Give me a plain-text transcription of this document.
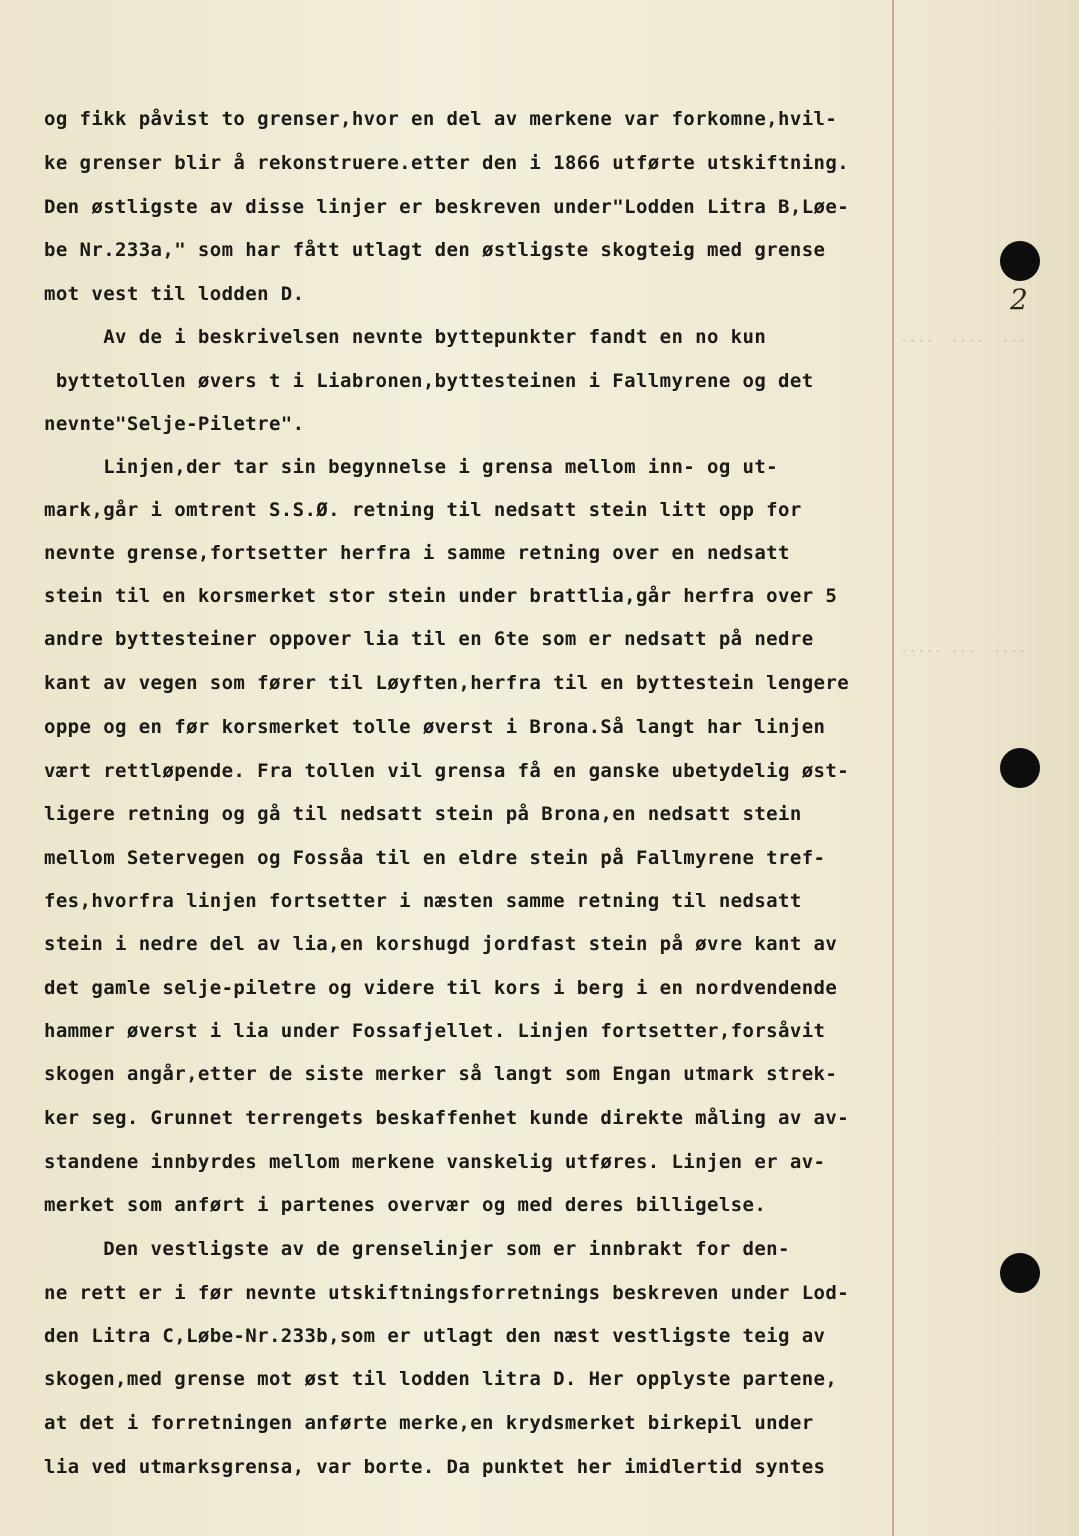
2
....  ....  ...
..... ...  ....
og fikk påvist to grenser,hvor en del av merkene var forkomne,hvil-
ke grenser blir å rekonstruere.etter den i 1866 utførte utskiftning.
Den østligste av disse linjer er beskreven under"Lodden Litra B,Løe-
be Nr.233a," som har fått utlagt den østligste skogteig med grense
mot vest til lodden D.
Av de i beskrivelsen nevnte byttepunkter fandt en no kun
byttetollen øvers t i Liabronen,byttesteinen i Fallmyrene og det
nevnte"Selje-Piletre".
Linjen,der tar sin begynnelse i grensa mellom inn- og ut-
mark,går i omtrent S.S.Ø. retning til nedsatt stein litt opp for
nevnte grense,fortsetter herfra i samme retning over en nedsatt
stein til en korsmerket stor stein under brattlia,går herfra over 5
andre byttesteiner oppover lia til en 6te som er nedsatt på nedre
kant av vegen som fører til Løyften,herfra til en byttestein lengere
oppe og en før korsmerket tolle øverst i Brona.Så langt har linjen
vært rettløpende. Fra tollen vil grensa få en ganske ubetydelig øst-
ligere retning og gå til nedsatt stein på Brona,en nedsatt stein
mellom Setervegen og Fossåa til en eldre stein på Fallmyrene tref-
fes,hvorfra linjen fortsetter i næsten samme retning til nedsatt
stein i nedre del av lia,en korshugd jordfast stein på øvre kant av
det gamle selje-piletre og videre til kors i berg i en nordvendende
hammer øverst i lia under Fossafjellet. Linjen fortsetter,forsåvit
skogen angår,etter de siste merker så langt som Engan utmark strek-
ker seg. Grunnet terrengets beskaffenhet kunde direkte måling av av-
standene innbyrdes mellom merkene vanskelig utføres. Linjen er av-
merket som anført i partenes overvær og med deres billigelse.
Den vestligste av de grenselinjer som er innbrakt for den-
ne rett er i før nevnte utskiftningsforretnings beskreven under Lod-
den Litra C,Løbe-Nr.233b,som er utlagt den næst vestligste teig av
skogen,med grense mot øst til lodden litra D. Her opplyste partene,
at det i forretningen anførte merke,en krydsmerket birkepil under
lia ved utmarksgrensa, var borte. Da punktet her imidlertid syntes
